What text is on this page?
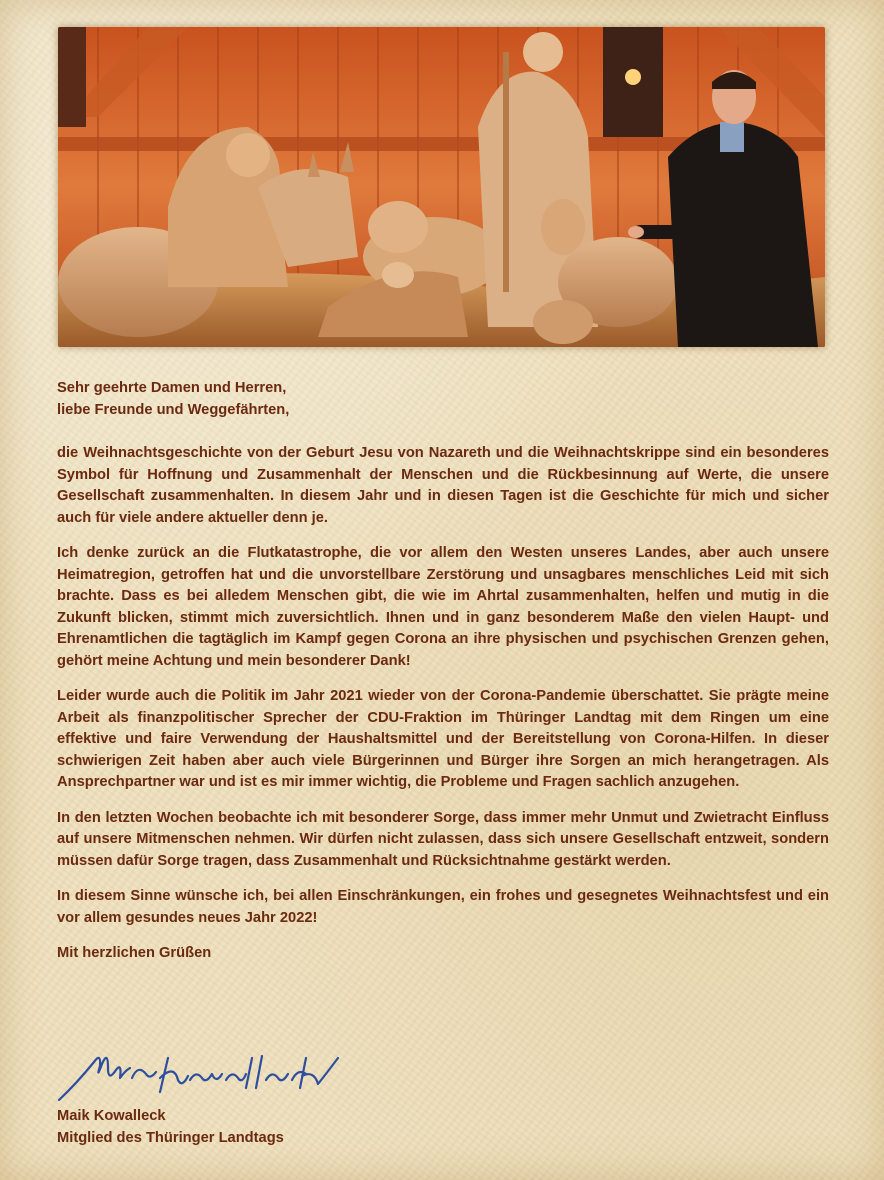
Sehr geehrte Damen und Herren,

liebe Freunde und Weggefährten,

die Weihnachtsgeschichte von der Geburt Jesu von Nazareth und die Weihnachtskrippe sind ein besonderes Symbol für Hoffnung und Zusammenhalt der Menschen und die Rückbesinnung auf Werte, die unsere Gesellschaft zusammenhalten. In diesem Jahr und in diesen Tagen ist die Geschichte für mich und sicher auch für viele andere aktueller denn je.

Ich denke zurück an die Flutkatastrophe, die vor allem den Westen unseres Landes, aber auch unsere Heimatregion, getroffen hat und die unvorstellbare Zerstörung und unsagbares menschliches Leid mit sich brachte. Dass es bei alledem Menschen gibt, die wie im Ahrtal zusammenhalten, helfen und mutig in die Zukunft blicken, stimmt mich zuversichtlich. Ihnen und in ganz besonderem Maße den vielen Haupt- und Ehrenamtlichen die tagtäglich im Kampf gegen Corona an ihre physischen und psychischen Grenzen gehen, gehört meine Achtung und mein besonderer Dank!

Leider wurde auch die Politik im Jahr 2021 wieder von der Corona-Pandemie überschattet. Sie prägte meine Arbeit als finanzpolitischer Sprecher der CDU-Fraktion im Thüringer Landtag mit dem Ringen um eine effektive und faire Verwendung der Haushaltsmittel und der Bereitstellung von Corona-Hilfen. In dieser schwierigen Zeit haben aber auch viele Bürgerinnen und Bürger ihre Sorgen an mich herangetragen. Als Ansprechpartner war und ist es mir immer wichtig, die Probleme und Fragen sachlich anzugehen.

In den letzten Wochen beobachte ich mit besonderer Sorge, dass immer mehr Unmut und Zwietracht Einfluss auf unsere Mitmenschen nehmen. Wir dürfen nicht zulassen, dass sich unsere Gesellschaft entzweit, sondern müssen dafür Sorge tragen, dass Zusammenhalt und Rücksichtnahme gestärkt werden.

In diesem Sinne wünsche ich, bei allen Einschränkungen, ein frohes und gesegnetes Weihnachtsfest und ein vor allem gesundes neues Jahr 2022!

Mit herzlichen Grüßen

Maik Kowalleck
Mitglied des Thüringer Landtags
